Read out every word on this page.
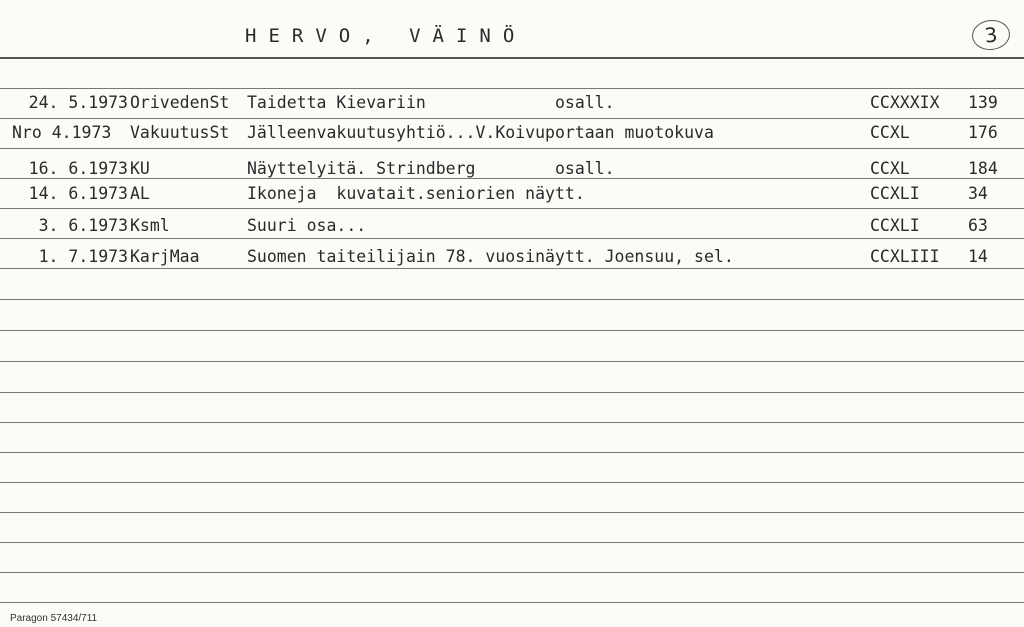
HERVO, VÄINÖ	3
24. 5.1973 OrivedenSt Taidetta Kievariin             osall.	CCXXXIX 139
Nro 4.1973 VakuutusSt Jälleenvakuutusyhtiö...V.Koivuportaan muotokuva	CCXL	176
16. 6.1973 KU	Näyttelyitä. Strindberg        osall.	CCXL	184
14. 6.1973 AL	Ikoneja  kuvatait.seniorien näytt.	CCXLI	34
3. 6.1973 Ksml	Suuri osa...	CCXLI	63
1. 7.1973 KarjMaa	Suomen taiteilijain 78. vuosinäytt. Joensuu, sel.	CCXLIII 14
Paragon 57434/711
